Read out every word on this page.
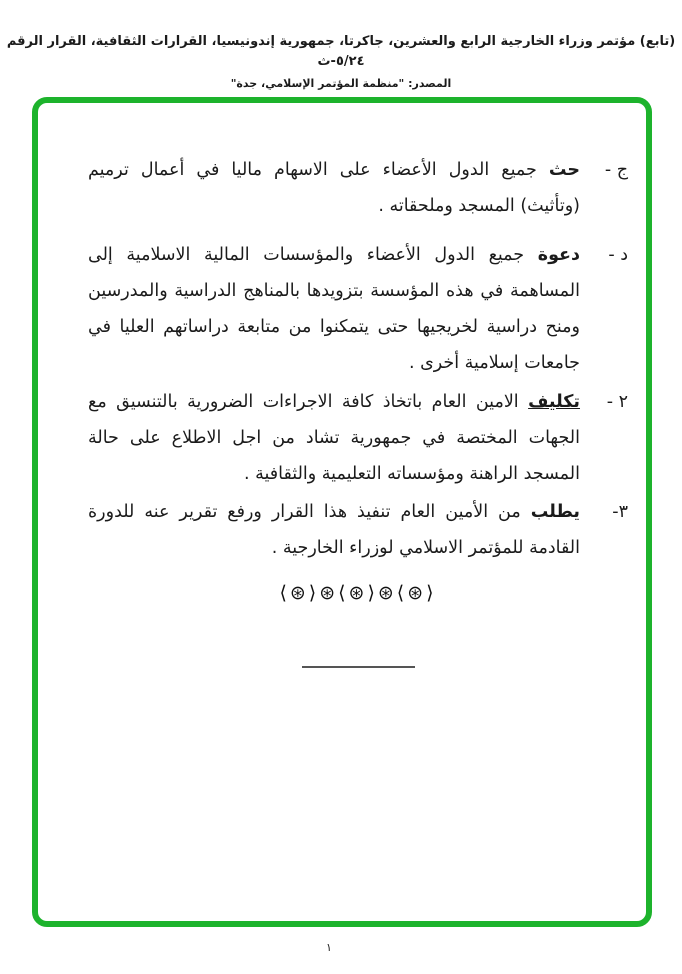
(تابع) مؤتمر وزراء الخارجية الرابع والعشرين، جاكرتا، جمهورية إندونيسيا، القرارات الثقافية، القرار الرقم ٥/٢٤-ث
المصدر: "منظمة المؤتمر الإسلامي، جدة"
ج -

حث جميع الدول الأعضاء على الاسهام ماليا في أعمال ترميم (وتأثيث) المسجد وملحقاته .

د -

دعوة جميع الدول الأعضاء والمؤسسات المالية الاسلامية إلى المساهمة في هذه المؤسسة بتزويدها بالمناهج الدراسية والمدرسين ومنح دراسية لخريجيها حتى يتمكنوا من متابعة دراساتهم العليا في جامعات إسلامية أخرى .

٢ -

تكليف الامين العام باتخاذ كافة الاجراءات الضرورية بالتنسيق مع الجهات المختصة في جمهورية تشاد من اجل الاطلاع على حالة المسجد الراهنة ومؤسساته التعليمية والثقافية .

٣-

يطلب من الأمين العام تنفيذ هذا القرار ورفع تقرير عنه للدورة القادمة للمؤتمر الاسلامي لوزراء الخارجية .

⟨⊛⟩⊛⟨⊛⟩⊛⟨⊛⟩
١
